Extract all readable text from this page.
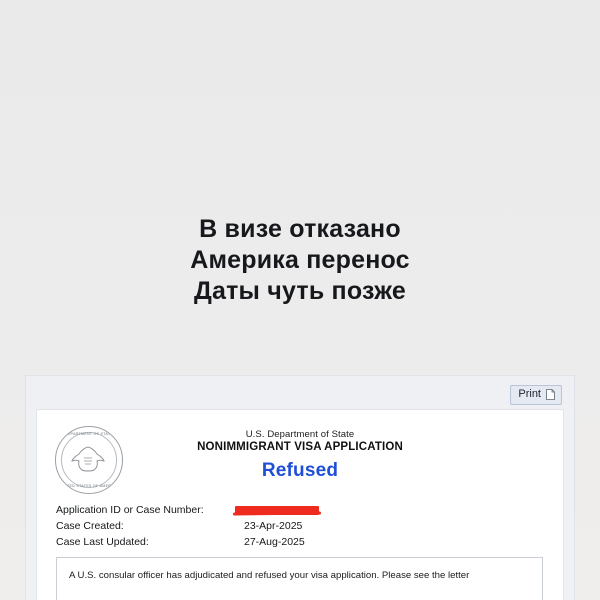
В визе отказано
Америка перенос
Даты чуть позже
Print
DEPARTMENT OF STATE
UNITED STATES OF AMERICA
U.S. Department of State
NONIMMIGRANT VISA APPLICATION
Refused
Application ID or Case Number:
Case Created:	23-Apr-2025
Case Last Updated:	27-Aug-2025

A U.S. consular officer has adjudicated and refused your visa application. Please see the letter
